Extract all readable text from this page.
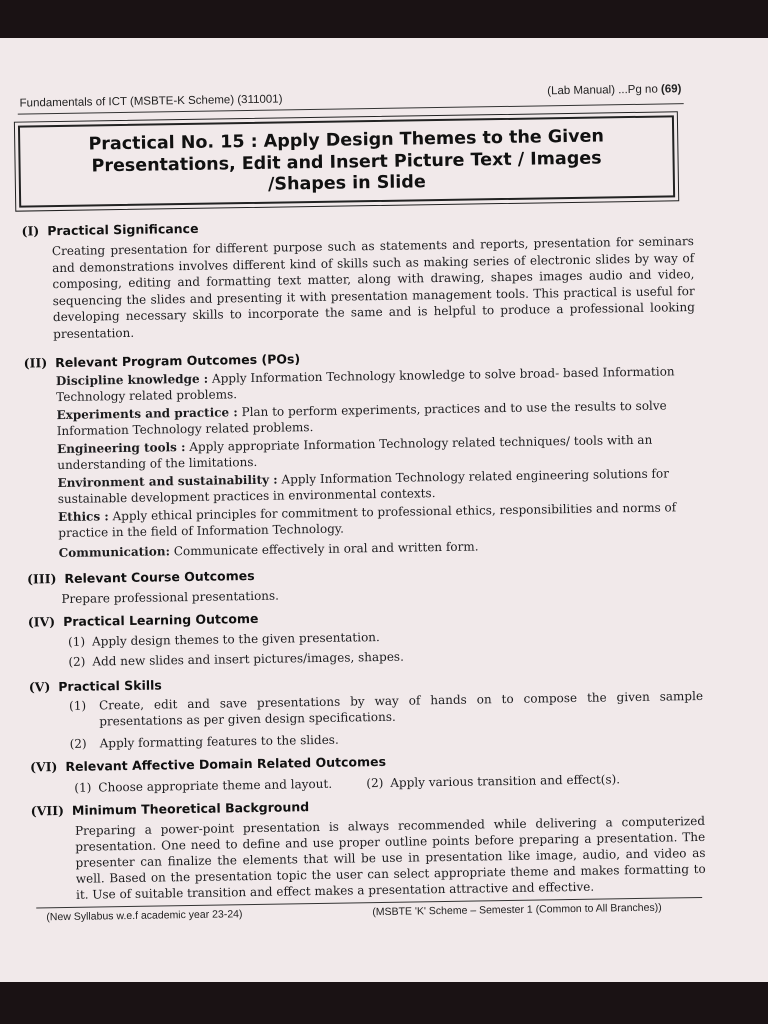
Fundamentals of ICT (MSBTE-K Scheme) (311001)
(Lab Manual) ...Pg no (69)
Practical No. 15 : Apply Design Themes to the Given
Presentations, Edit and Insert Picture Text / Images
/Shapes in Slide
(I) Practical Significance
Creating presentation for different purpose such as statements and reports, presentation for seminars and demonstrations involves different kind of skills such as making series of electronic slides by way of composing, editing and formatting text matter, along with drawing, shapes images audio and video, sequencing the slides and presenting it with presentation management tools. This practical is useful for developing necessary skills to incorporate the same and is helpful to produce a professional looking presentation.
(II) Relevant Program Outcomes (POs)
Discipline knowledge : Apply Information Technology knowledge to solve broad- based Information Technology related problems.
Experiments and practice : Plan to perform experiments, practices and to use the results to solve Information Technology related problems.
Engineering tools : Apply appropriate Information Technology related techniques/ tools with an understanding of the limitations.
Environment and sustainability : Apply Information Technology related engineering solutions for sustainable development practices in environmental contexts.
Ethics : Apply ethical principles for commitment to professional ethics, responsibilities and norms of practice in the field of Information Technology.
Communication: Communicate effectively in oral and written form.
(III) Relevant Course Outcomes
Prepare professional presentations.
(IV) Practical Learning Outcome
(1) Apply design themes to the given presentation.
(2) Add new slides and insert pictures/images, shapes.
(V) Practical Skills
(1)	Create, edit and save presentations by way of hands on to compose the given sample presentations as per given design specifications.
(2) Apply formatting features to the slides.
(VI) Relevant Affective Domain Related Outcomes
(1) Choose appropriate theme and layout.	(2) Apply various transition and effect(s).
(VII) Minimum Theoretical Background
Preparing a power-point presentation is always recommended while delivering a computerized presentation. One need to define and use proper outline points before preparing a presentation. The presenter can finalize the elements that will be use in presentation like image, audio, and video as well. Based on the presentation topic the user can select appropriate theme and makes formatting to it. Use of suitable transition and effect makes a presentation attractive and effective.
(New Syllabus w.e.f academic year 23-24)	(MSBTE 'K' Scheme – Semester 1 (Common to All Branches))
